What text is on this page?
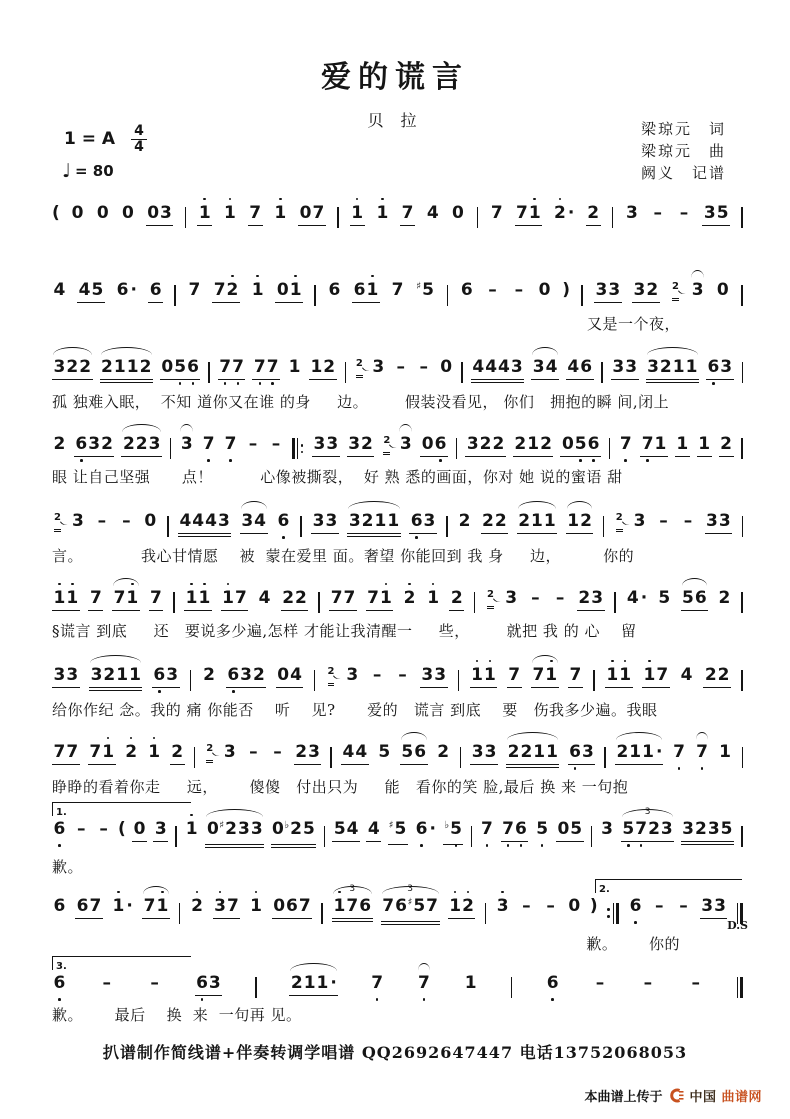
爱的谎言
贝 拉	梁琼元　词
梁琼元　曲
阙义　记谱
1 = A $\frac{4}{4}$
♩ = 80
( 0 0 0 0 3 1 1 7 1 0 7 1 1 7 4 0 7 7 1 2 · 2 3 – – 3 5
4 4 5 6 · 6 7 7 2 1 0 1 6 6 1 7 ♯ 5 6 – – 0 ) 3 3 3 2 2 3 0
又是一个夜，
3 2 2 2 1 1 2 0 5 6 7 7 7 7 1 1 2 2 3 – – 0 4 4 4 3 3 4 4 6 3 3 3 2 1 1 6 3
孤 独难入眠，  不知 道你又在谁 的身     边。       假装没看见， 你们   拥抱的瞬 间,闭上
2 6 3 2 2 2 3 3 7 7 – – 3 3 3 2 2 3 0 6 3 2 2 2 1 2 0 5 6 7 7 1 1 1 2
眼 让自己坚强      点！         心像被撕裂，  好 熟 悉的画面，你对 她 说的蜜语 甜
2 3 – – 0 4 4 4 3 3 4 6 3 3 3 2 1 1 6 3 2 2 2 2 1 1 1 2 2 3 – – 3 3
言。           我心甘情愿    被  蒙在爱里 面。奢望 你能回到 我 身     边，        你的
1 1 7 7 1 7 1 1 1 7 4 2 2 7 7 7 1 2 1 2 2 3 – – 2 3 4 · 5 5 6 2
§谎言 到底     还   要说多少遍,怎样 才能让我清醒一     些，       就把 我 的 心    留
3 3 3 2 1 1 6 3 2 6 3 2 0 4	2 3 – – 3 3 1 1 7 7 1 7 1 1 1 7 4 2 2
给你作纪 念。我的 痛 你能否    听    见?      爱的   谎言 到底    要   伤我多少遍。我眼
7 7 7 1 2 1 2 2 3 – – 2 3 4 4 5 5 6 2 3 3 2 2 1 1 6 3 2 1 1 · 7 7 1
睁睁的看着你走     远，      傻傻   付出只为     能   看你的笑 脸,最后 换 来 一句抱
1.
6 – – ( 0 3 1 0 ♯ 2 3 3 0 ♭ 2 5 5 4 4 ♯ 5 6 · ♭ 5 7 7 6 5 0 5 3
3
5 7 2 3 3 2 3 5
歉。
2.
6 6 7 1 · 7 1 2 3 7 1 0 6 7
3
1 7 6
3
7 6 ♯ 5 7 1 2 3 – – 0 ) 6 – – 3 3
歉。      你的
D.S
3.
6 – – 6 3	2 1 1 · 7 7 1	6 – – –
歉。      最后    换  来  一句再 见。
扒谱制作简线谱+伴奏转调学唱谱 QQ2692647447 电话13752068053
本曲谱上传于 中国 曲谱网
